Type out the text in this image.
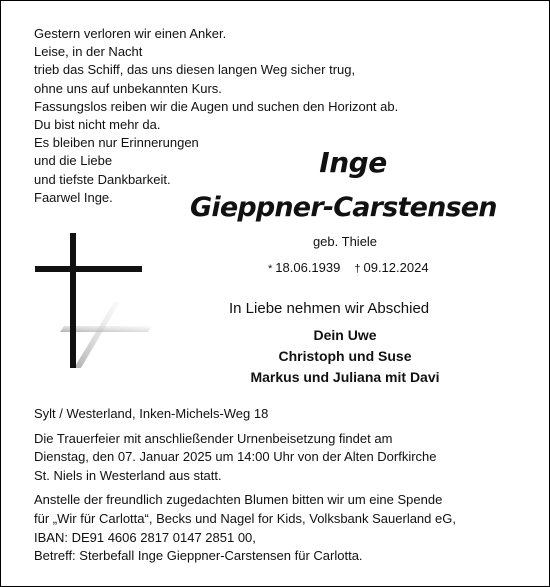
Gestern verloren wir einen Anker.
Leise, in der Nacht
trieb das Schiff, das uns diesen langen Weg sicher trug,
ohne uns auf unbekannten Kurs.
Fassungslos reiben wir die Augen und suchen den Horizont ab.
Du bist nicht mehr da.
Es bleiben nur Erinnerungen
und die Liebe
und tiefste Dankbarkeit.
Faarwel Inge.
Inge
Gieppner-Carstensen
geb. Thiele
* 18.06.1939 † 09.12.2024
In Liebe nehmen wir Abschied
Dein Uwe
Christoph und Suse
Markus und Juliana mit Davi
Sylt / Westerland, Inken-Michels-Weg 18
Die Trauerfeier mit anschließender Urnenbeisetzung findet am
Dienstag, den 07. Januar 2025 um 14:00 Uhr von der Alten Dorfkirche
St. Niels in Westerland aus statt.
Anstelle der freundlich zugedachten Blumen bitten wir um eine Spende
für „Wir für Carlotta“, Becks und Nagel for Kids, Volksbank Sauerland eG,
IBAN: DE91 4606 2817 0147 2851 00,
Betreff: Sterbefall Inge Gieppner-Carstensen für Carlotta.
